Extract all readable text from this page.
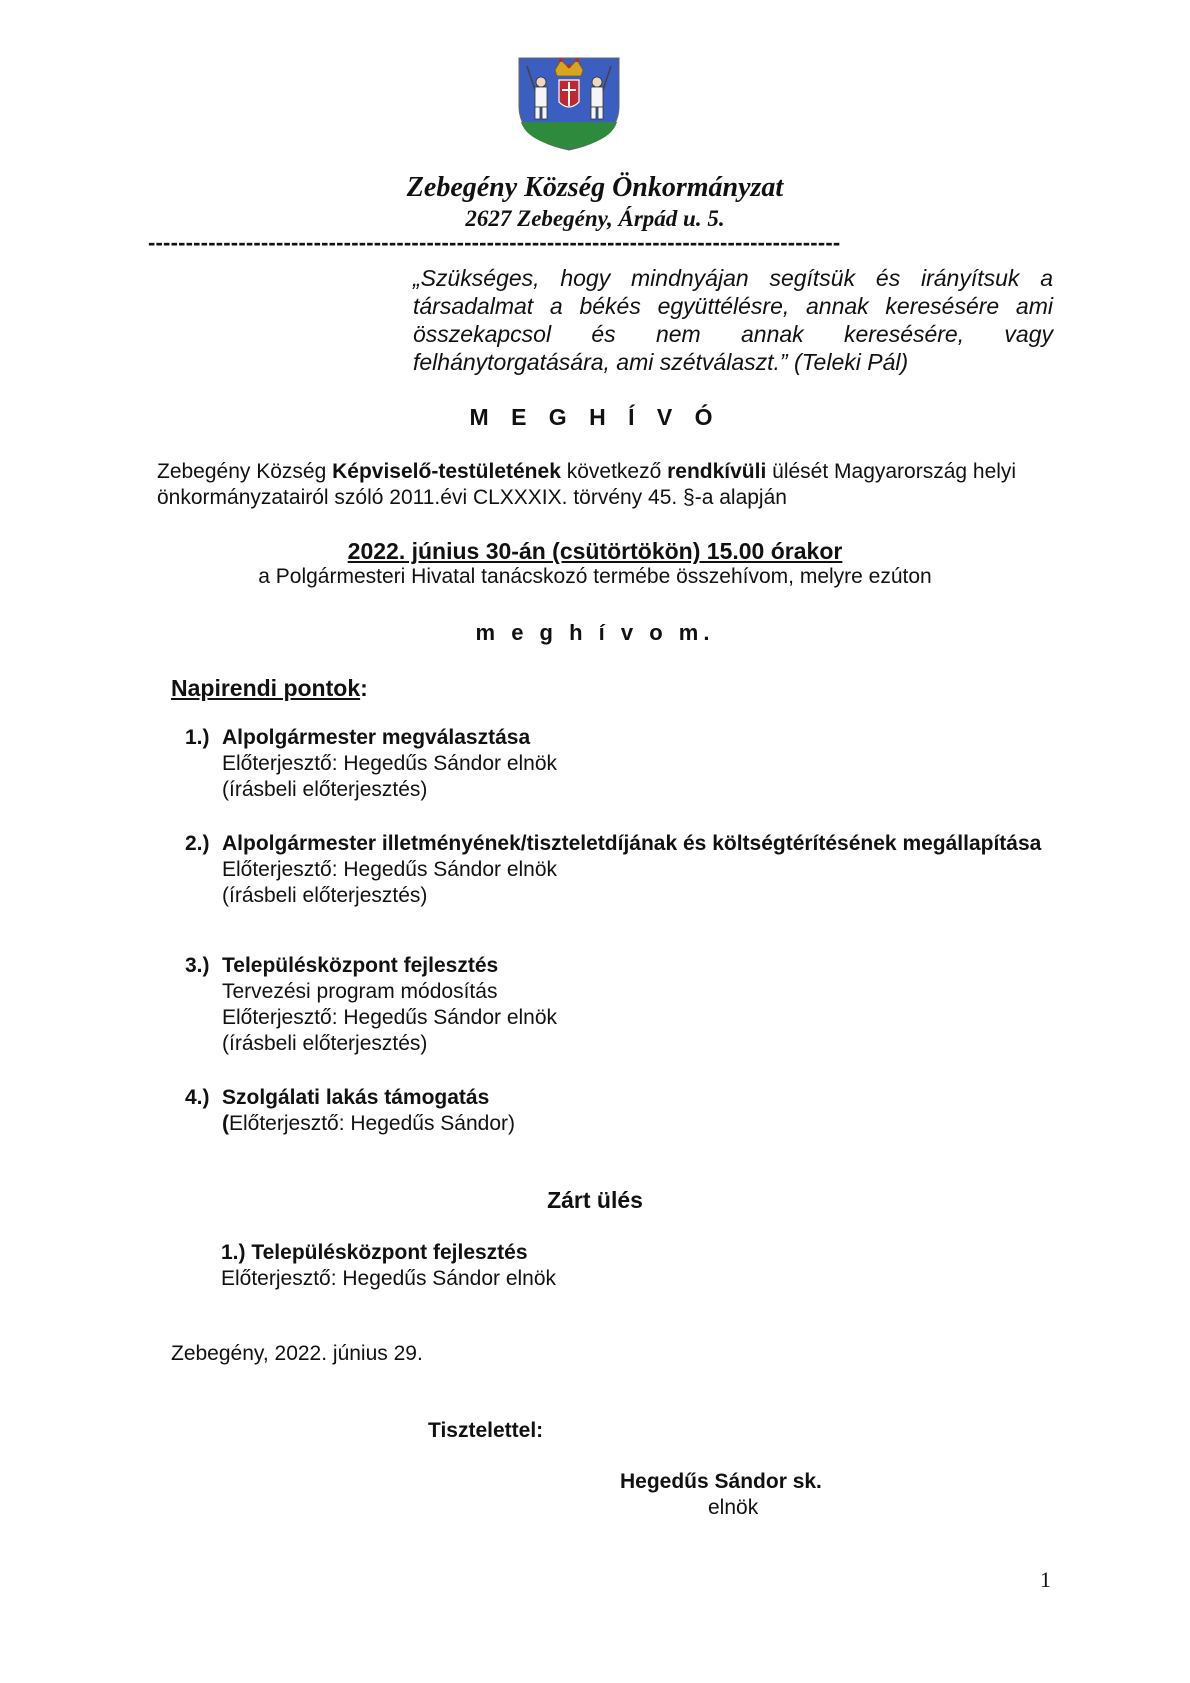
Zebegény Község Önkormányzat
2627 Zebegény, Árpád u. 5.
--------------------------------------------------------------------------------------------
„Szükséges, hogy mindnyájan segítsük és irányítsuk a társadalmat a békés együttélésre, annak keresésére ami összekapcsol és nem annak keresésére, vagy felhánytorgatására, ami szétválaszt.” (Teleki Pál)
M E G H Í V Ó
Zebegény Község Képviselő-testületének következő rendkívüli ülését Magyarország helyi önkormányzatairól szóló 2011.évi CLXXXIX. törvény 45. §-a alapján
2022. június 30-án (csütörtökön) 15.00 órakor
a Polgármesteri Hivatal tanácskozó termébe összehívom, melyre ezúton
m e g h í v o m.
Napirendi pontok:
1.) Alpolgármester megválasztása
Előterjesztő: Hegedűs Sándor elnök
(írásbeli előterjesztés)
2.) Alpolgármester illetményének/tiszteletdíjának és költségtérítésének megállapítása
Előterjesztő: Hegedűs Sándor elnök
(írásbeli előterjesztés)
3.) Településközpont fejlesztés
Tervezési program módosítás
Előterjesztő: Hegedűs Sándor elnök
(írásbeli előterjesztés)
4.) Szolgálati lakás támogatás
(Előterjesztő: Hegedűs Sándor)
Zárt ülés
1.) Településközpont fejlesztés
Előterjesztő: Hegedűs Sándor elnök
Zebegény, 2022. június 29.
Tisztelettel:
Hegedűs Sándor sk.
elnök
1
